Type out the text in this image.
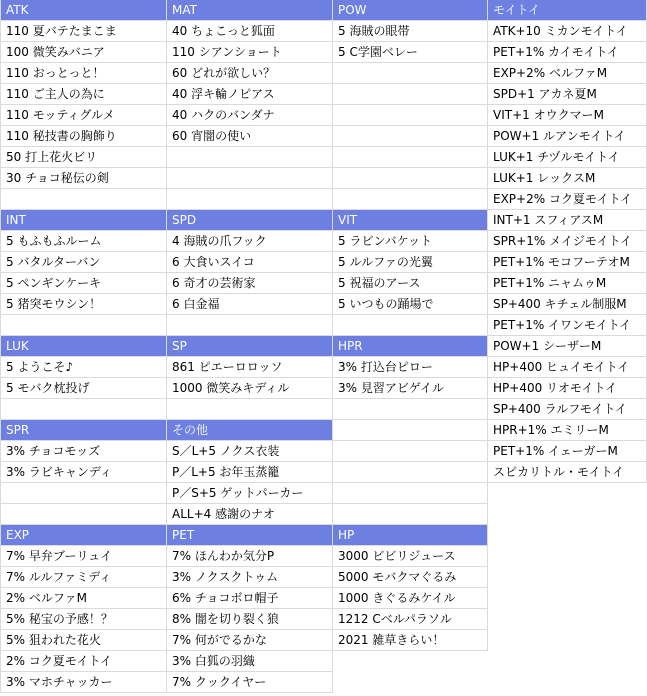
ATK
110 夏バテたまこま
100 微笑みバニア
110 おっとっと！
110 ご主人の為に
110 モッティグルメ
110 秘技書の胸飾り
50 打上花火ビリ
30 チョコ秘伝の剣
INT
5 もふもふルーム
5 バタルターバン
5 ペンギンケーキ
5 猪突モウシン！
LUK
5 ようこそ♪
5 モバク枕投げ
SPR
3% チョコモッズ
3% ラビキャンディ
EXP
7% 早弁ブーリュイ
7% ルルファミディ
2% ベルファM
5% 秘宝の予感！？
5% 狙われた花火
2% コク夏モイトイ
3% マホチャッカー
MAT
40 ちょこっと狐面
110 シアンショート
60 どれが欲しい？
40 浮キ輪ノピアス
40 ハクのバンダナ
60 宵闇の使い
SPD
4 海賊の爪フック
6 大食いスイコ
6 奇才の芸術家
6 白金福
SP
861 ピエーロロッソ
1000 微笑みキディル
その他
S／L+5 ノクス衣装
P／L+5 お年玉蒸籠
P／S+5 ゲットパーカー
ALL+4 感謝のナオ
PET
7% ほんわか気分P
3% ノクスクトゥム
6% チョコボロ帽子
8% 闇を切り裂く狼
7% 何がでるかな
3% 白狐の羽織
7% クックイヤー
POW
5 海賊の眼帯
5 C学園ベレー
VIT
5 ラビンバケット
5 ルルファの光翼
5 祝福のアース
5 いつもの踊場で
HPR
3% 打込台ピロー
3% 見習アビゲイル
HP
3000 ビビリジュース
5000 モバクマぐるみ
1000 きぐるみケイル
1212 Cベルパラソル
2021 雑草きらい！
モイトイ
ATK+10 ミカンモイトイ
PET+1% カイモイトイ
EXP+2% ベルファM
SPD+1 アカネ夏M
VIT+1 オウクマーM
POW+1 ルアンモイトイ
LUK+1 チヅルモイトイ
LUK+1 レックスM
EXP+2% コク夏モイトイ
INT+1 スフィアスM
SPR+1% メイジモイトイ
PET+1% モコフーテオM
PET+1% ニャムゥM
SP+400 キチェル制服M
PET+1% イワンモイトイ
POW+1 シーザーM
HP+400 ヒュイモイトイ
HP+400 リオモイトイ
SP+400 ラルフモイトイ
HPR+1% エミリーM
PET+1% イェーガーM
スピカリトル・モイトイ
